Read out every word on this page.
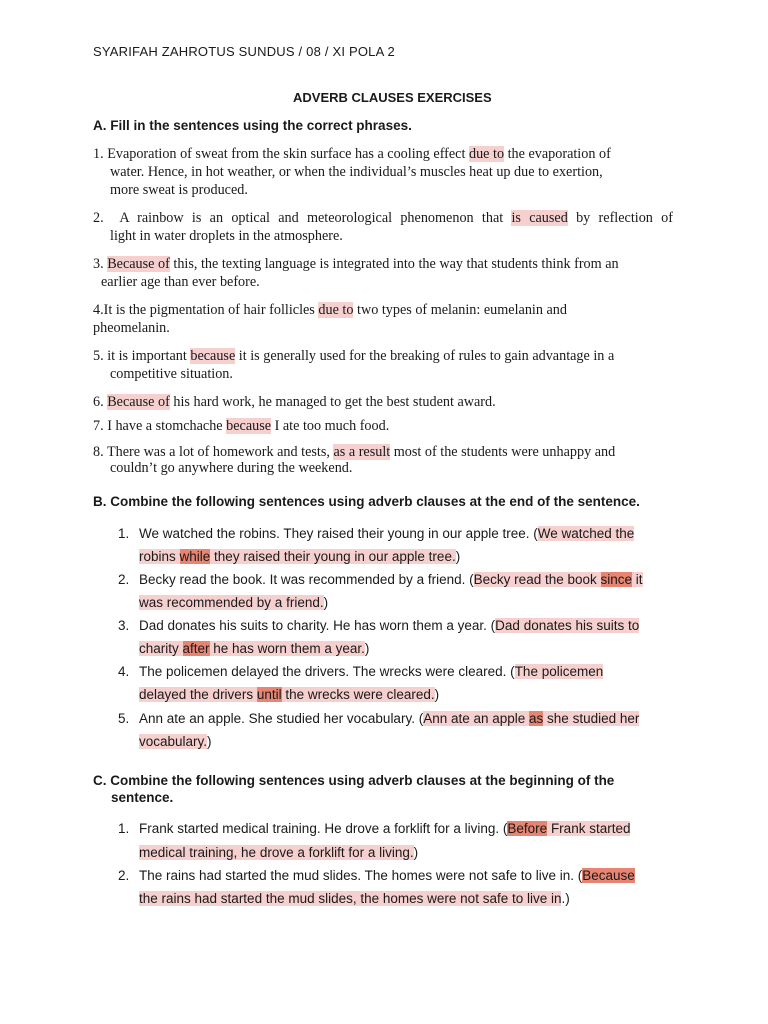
SYARIFAH ZAHROTUS SUNDUS / 08 / XI POLA 2
ADVERB CLAUSES EXERCISES
A. Fill in the sentences using the correct phrases.
1. Evaporation of sweat from the skin surface has a cooling effect due to the evaporation of
water. Hence, in hot weather, or when the individual’s muscles heat up due to exertion,
more sweat is produced.
2. A rainbow is an optical and meteorological phenomenon that is caused by reflection of
light in water droplets in the atmosphere.
3. Because of this, the texting language is integrated into the way that students think from an
earlier age than ever before.
4.It is the pigmentation of hair follicles due to two types of melanin: eumelanin and
pheomelanin.
5. it is important because it is generally used for the breaking of rules to gain advantage in a
competitive situation.
6. Because of his hard work, he managed to get the best student award.
7. I have a stomchache because I ate too much food.
8. There was a lot of homework and tests, as a result most of the students were unhappy and
couldn’t go anywhere during the weekend.
B. Combine the following sentences using adverb clauses at the end of the sentence.
1. We watched the robins. They raised their young in our apple tree. (We watched the
robins while they raised their young in our apple tree.)
2. Becky read the book. It was recommended by a friend. (Becky read the book since it
was recommended by a friend.)
3. Dad donates his suits to charity. He has worn them a year. (Dad donates his suits to
charity after he has worn them a year.)
4. The policemen delayed the drivers. The wrecks were cleared. (The policemen
delayed the drivers until the wrecks were cleared.)
5. Ann ate an apple. She studied her vocabulary. (Ann ate an apple as she studied her
vocabulary.)
C. Combine the following sentences using adverb clauses at the beginning of the
sentence.
1. Frank started medical training. He drove a forklift for a living. (Before Frank started
medical training, he drove a forklift for a living.)
2. The rains had started the mud slides. The homes were not safe to live in. (Because
the rains had started the mud slides, the homes were not safe to live in.)
